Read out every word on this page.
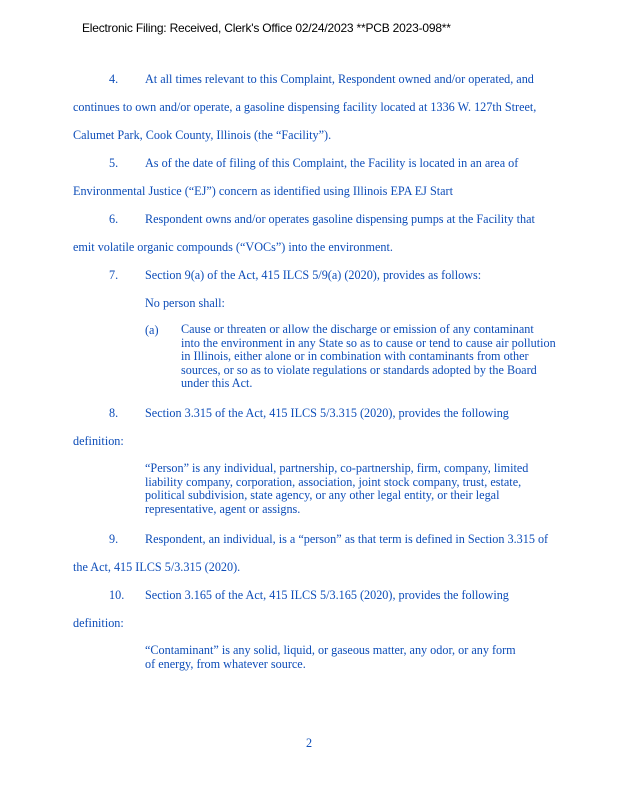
Electronic Filing: Received, Clerk's Office 02/24/2023 **PCB 2023-098**
4. At all times relevant to this Complaint, Respondent owned and/or operated, and
continues to own and/or operate, a gasoline dispensing facility located at 1336 W. 127th Street,
Calumet Park, Cook County, Illinois (the “Facility”).
5. As of the date of filing of this Complaint, the Facility is located in an area of
Environmental Justice (“EJ”) concern as identified using Illinois EPA EJ Start
6. Respondent owns and/or operates gasoline dispensing pumps at the Facility that
emit volatile organic compounds (“VOCs”) into the environment.
7. Section 9(a) of the Act, 415 ILCS 5/9(a) (2020), provides as follows:
No person shall:
(a) Cause or threaten or allow the discharge or emission of any contaminant
into the environment in any State so as to cause or tend to cause air pollution
in Illinois, either alone or in combination with contaminants from other
sources, or so as to violate regulations or standards adopted by the Board
under this Act.
8. Section 3.315 of the Act, 415 ILCS 5/3.315 (2020), provides the following
definition:
“Person” is any individual, partnership, co-partnership, firm, company, limited
liability company, corporation, association, joint stock company, trust, estate,
political subdivision, state agency, or any other legal entity, or their legal
representative, agent or assigns.
9. Respondent, an individual, is a “person” as that term is defined in Section 3.315 of
the Act, 415 ILCS 5/3.315 (2020).
10. Section 3.165 of the Act, 415 ILCS 5/3.165 (2020), provides the following
definition:
“Contaminant” is any solid, liquid, or gaseous matter, any odor, or any form
of energy, from whatever source.
2
